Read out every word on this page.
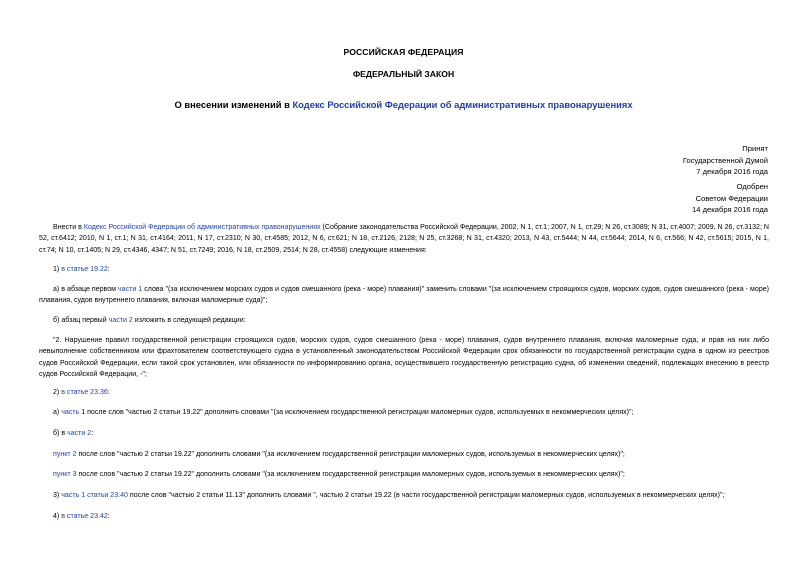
РОССИЙСКАЯ ФЕДЕРАЦИЯ
ФЕДЕРАЛЬНЫЙ ЗАКОН
О внесении изменений в Кодекс Российской Федерации об административных правонарушениях
Принят
Государственной Думой
7 декабря 2016 года
Одобрен
Советом Федерации
14 декабря 2016 года
Внести в Кодекс Российской Федерации об административных правонарушениях (Собрание законодательства Российской Федерации, 2002, N 1, ст.1; 2007, N 1, ст.29; N 26, ст.3089; N 31, ст.4007; 2009, N 26, ст.3132; N 52, ст.6412; 2010, N 1, ст.1; N 31, ст.4164; 2011, N 17, ст.2310; N 30, ст.4585; 2012, N 6, ст.621; N 18, ст.2126, 2128; N 25, ст.3268; N 31, ст.4320; 2013, N 43, ст.5444; N 44, ст.5644; 2014, N 6, ст.566; N 42, ст.5615; 2015, N 1, ст.74; N 10, ст.1405; N 29, ст.4346, 4347; N 51, ст.7249; 2016, N 18, ст.2509, 2514; N 28, ст.4558) следующие изменения:
1) в статье 19.22:
а) в абзаце первом части 1 слова "(за исключением морских судов и судов смешанного (река - море) плавания)" заменить словами "(за исключением строящихся судов, морских судов, судов смешанного (река - море) плавания, судов внутреннего плавания, включая маломерные суда)";
б) абзац первый части 2 изложить в следующей редакции:
"2. Нарушение правил государственной регистрации строящихся судов, морских судов, судов смешанного (река - море) плавания, судов внутреннего плавания, включая маломерные суда, и прав на них либо невыполнение собственником или фрахтователем соответствующего судна в установленный законодательством Российской Федерации срок обязанности по государственной регистрации судна в одном из реестров судов Российской Федерации, если такой срок установлен, или обязанности по информированию органа, осуществившего государственную регистрацию судна, об изменении сведений, подлежащих внесению в реестр судов Российской Федерации, -";
2) в статье 23.36:
а) часть 1 после слов "частью 2 статьи 19.22" дополнить словами "(за исключением государственной регистрации маломерных судов, используемых в некоммерческих целях)";
б) в части 2:
пункт 2 после слов "частью 2 статьи 19.22" дополнить словами "(за исключением государственной регистрации маломерных судов, используемых в некоммерческих целях)";
пункт 3 после слов "частью 2 статьи 19.22" дополнить словами "(за исключением государственной регистрации маломерных судов, используемых в некоммерческих целях)";
3) часть 1 статьи 23.40 после слов "частью 2 статьи 11.13" дополнить словами ", частью 2 статьи 19.22 (в части государственной регистрации маломерных судов, используемых в некоммерческих целях)";
4) в статье 23.42:
